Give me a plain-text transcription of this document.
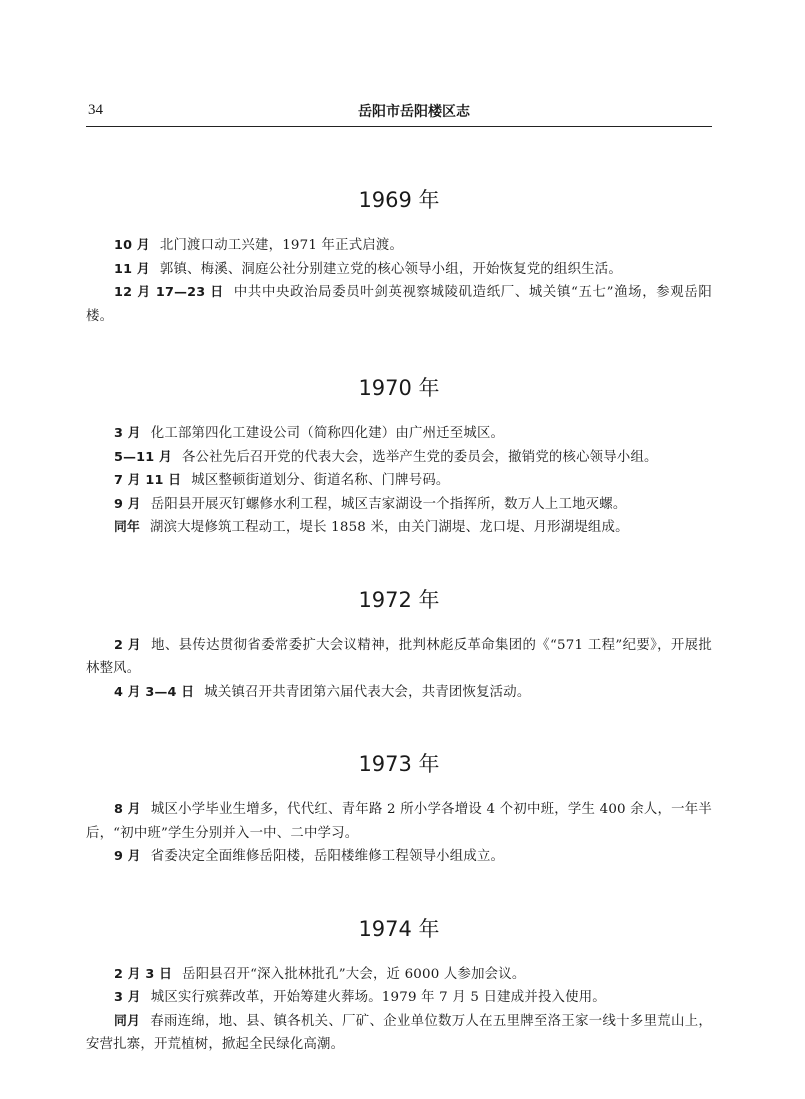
34	岳阳市岳阳楼区志
1969 年

10 月 北门渡口动工兴建，1971 年正式启渡。

11 月 郭镇、梅溪、洞庭公社分别建立党的核心领导小组，开始恢复党的组织生活。

12 月 17—23 日 中共中央政治局委员叶剑英视察城陵矶造纸厂、城关镇“五七”渔场，参观岳阳楼。

1970 年

3 月 化工部第四化工建设公司（简称四化建）由广州迁至城区。

5—11 月 各公社先后召开党的代表大会，选举产生党的委员会，撤销党的核心领导小组。

7 月 11 日 城区整顿街道划分、街道名称、门牌号码。

9 月 岳阳县开展灭钉螺修水利工程，城区吉家湖设一个指挥所，数万人上工地灭螺。

同年 湖滨大堤修筑工程动工，堤长 1858 米，由关门湖堤、龙口堤、月形湖堤组成。

1972 年

2 月 地、县传达贯彻省委常委扩大会议精神，批判林彪反革命集团的《“571 工程”纪要》，开展批林整风。

4 月 3—4 日 城关镇召开共青团第六届代表大会，共青团恢复活动。

1973 年

8 月 城区小学毕业生增多，代代红、青年路 2 所小学各增设 4 个初中班，学生 400 余人，一年半后，“初中班”学生分别并入一中、二中学习。

9 月 省委决定全面维修岳阳楼，岳阳楼维修工程领导小组成立。

1974 年

2 月 3 日 岳阳县召开“深入批林批孔”大会，近 6000 人参加会议。

3 月 城区实行殡葬改革，开始筹建火葬场。1979 年 7 月 5 日建成并投入使用。

同月 春雨连绵，地、县、镇各机关、厂矿、企业单位数万人在五里牌至洛王家一线十多里荒山上，安营扎寨，开荒植树，掀起全民绿化高潮。
